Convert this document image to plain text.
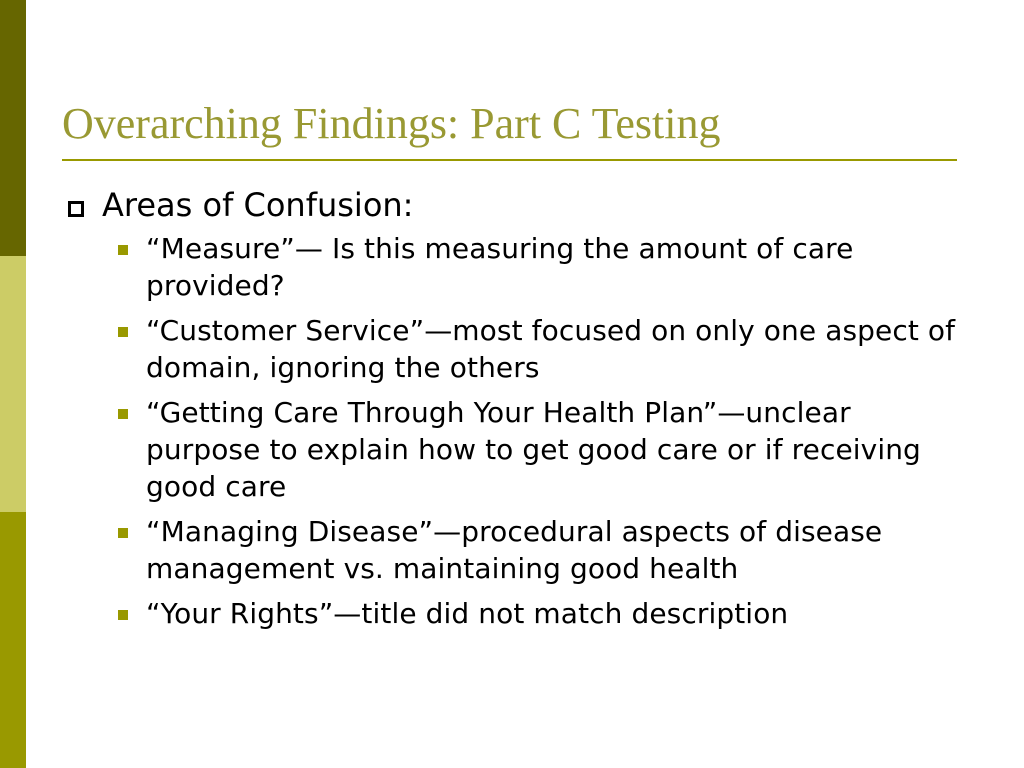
Overarching Findings: Part C Testing
Areas of Confusion:
“Measure”— Is this measuring the amount of care provided?
“Customer Service”—most focused on only one aspect of domain, ignoring the others
“Getting Care Through Your Health Plan”—unclear purpose to explain how to get good care or if receiving good care
“Managing Disease”—procedural aspects of disease management vs. maintaining good health
“Your Rights”—title did not match description
